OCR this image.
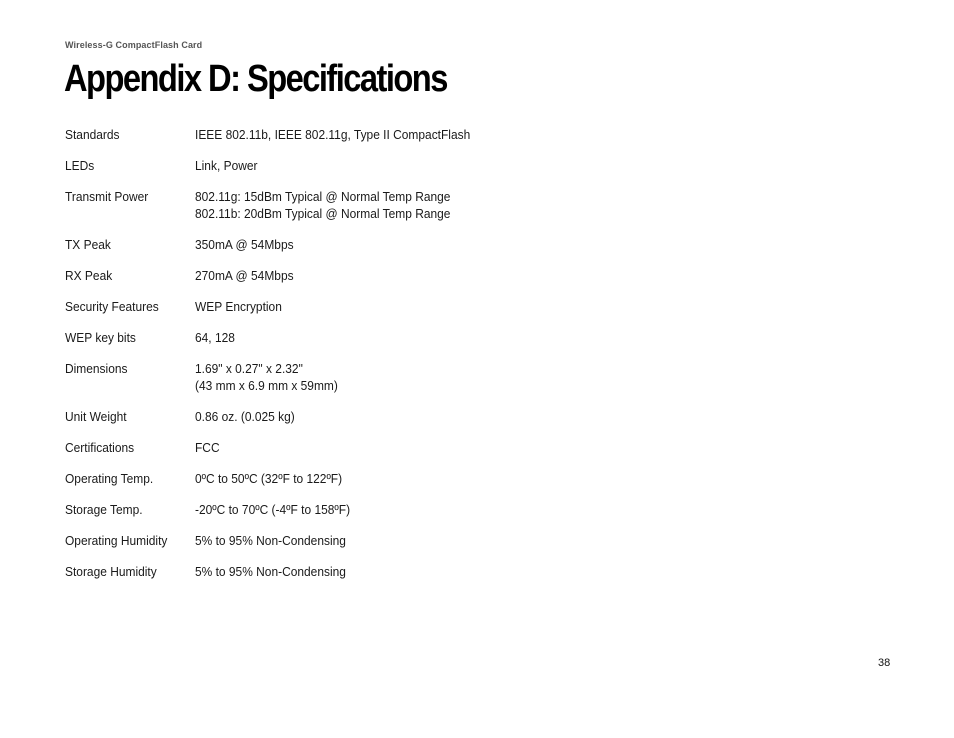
Wireless-G CompactFlash Card
Appendix D: Specifications
Standards	IEEE 802.11b, IEEE 802.11g, Type II CompactFlash
LEDs	Link, Power
Transmit Power	802.11g: 15dBm Typical @ Normal Temp Range
802.11b: 20dBm Typical @ Normal Temp Range
TX Peak	350mA @ 54Mbps
RX Peak	270mA @ 54Mbps
Security Features	WEP Encryption
WEP key bits	64, 128
Dimensions	1.69" x 0.27" x 2.32"
(43 mm x 6.9 mm x 59mm)
Unit Weight	0.86 oz. (0.025 kg)
Certifications	FCC
Operating Temp.	0ºC to 50ºC (32ºF to 122ºF)
Storage Temp.	-20ºC to 70ºC (-4ºF to 158ºF)
Operating Humidity	5% to 95% Non-Condensing
Storage Humidity	5% to 95% Non-Condensing
38
